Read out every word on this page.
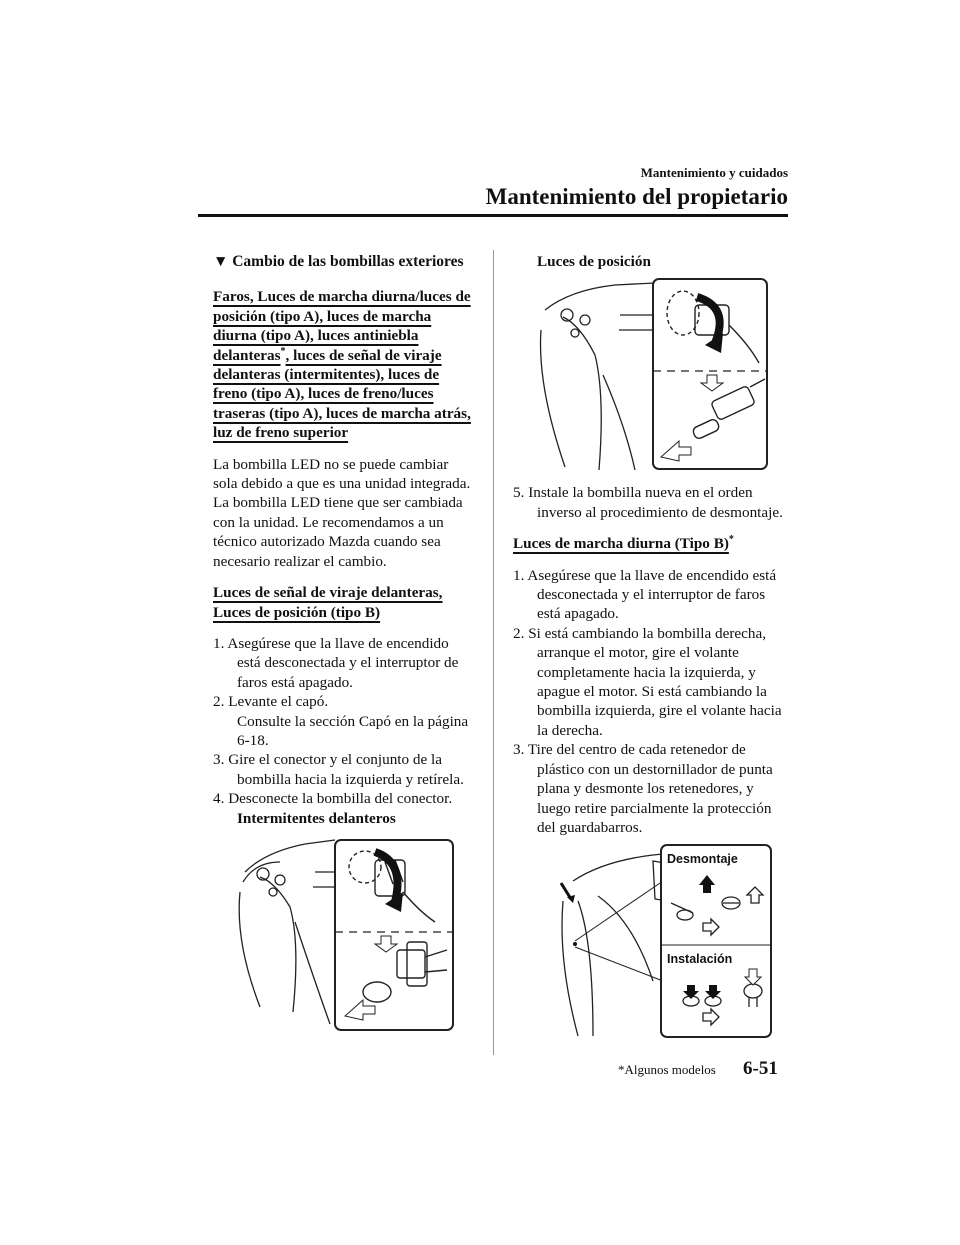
Mantenimiento y cuidados
Mantenimiento del propietario
▼ Cambio de las bombillas exteriores
Faros, Luces de marcha diurna/luces de posición (tipo A), luces de marcha diurna (tipo A), luces antiniebla delanteras*, luces de señal de viraje delanteras (intermitentes), luces de freno (tipo A), luces de freno/luces traseras (tipo A), luces de marcha atrás, luz de freno superior

La bombilla LED no se puede cambiar sola debido a que es una unidad integrada. La bombilla LED tiene que ser cambiada con la unidad. Le recomendamos a un técnico autorizado Mazda cuando sea necesario realizar el cambio.

Luces de señal de viraje delanteras, Luces de posición (tipo B)
1. Asegúrese que la llave de encendido está desconectada y el interruptor de faros está apagado.
2. Levante el capó.
Consulte la sección Capó en la página 6-18.
3. Gire el conector y el conjunto de la bombilla hacia la izquierda y retírela.
4. Desconecte la bombilla del conector.
Intermitentes delanteros
Luces de posición
5. Instale la bombilla nueva en el orden inverso al procedimiento de desmontaje.
Luces de marcha diurna (Tipo B)*
1. Asegúrese que la llave de encendido está desconectada y el interruptor de faros está apagado.
2. Si está cambiando la bombilla derecha, arranque el motor, gire el volante completamente hacia la izquierda, y apague el motor. Si está cambiando la bombilla izquierda, gire el volante hacia la derecha.
3. Tire del centro de cada retenedor de plástico con un destornillador de punta plana y desmonte los retenedores, y luego retire parcialmente la protección del guardabarros.
Desmontaje
Instalación
*Algunos modelos 6-51
